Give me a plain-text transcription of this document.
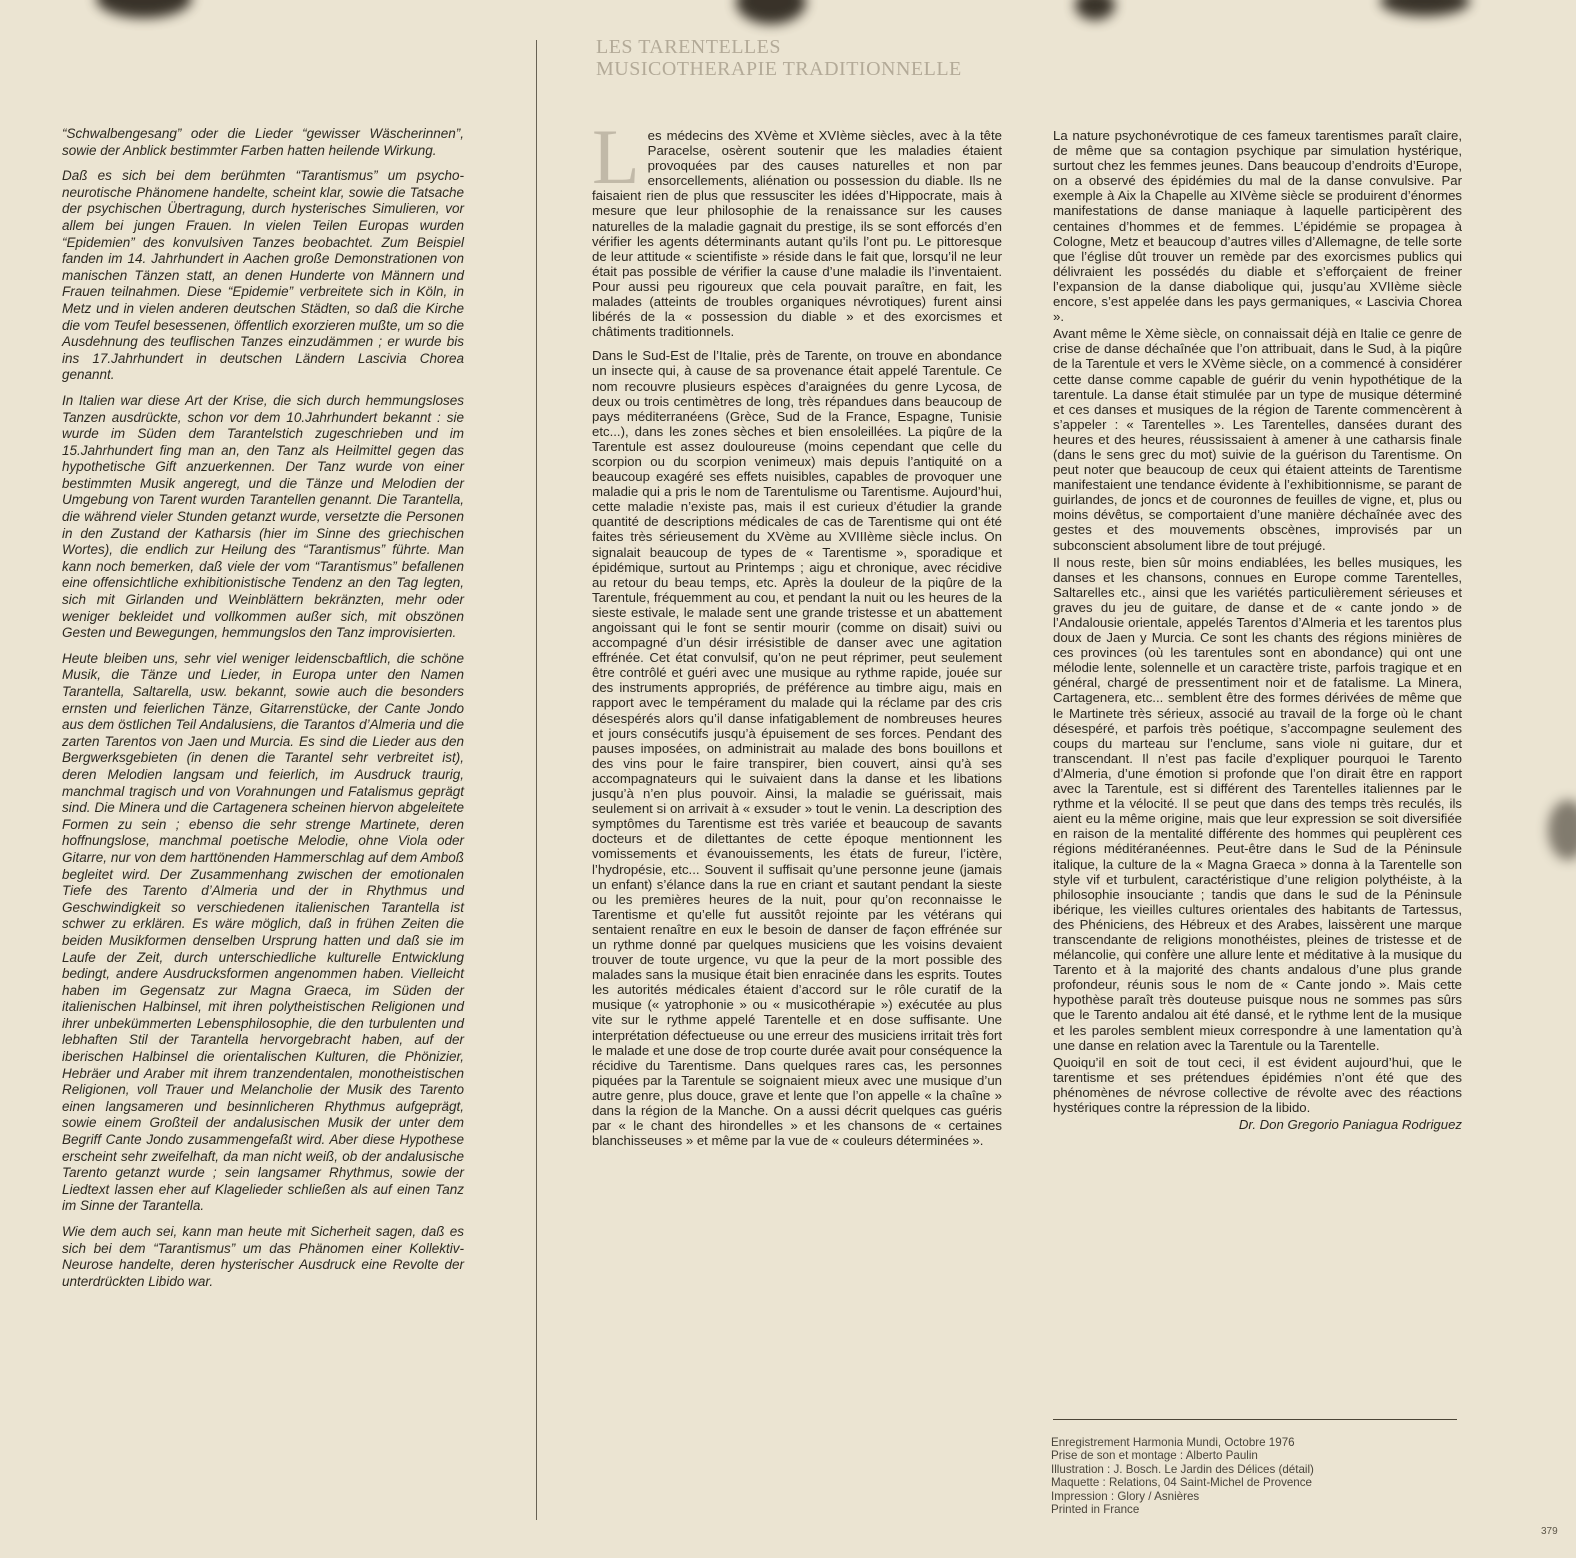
“Schwalbengesang” oder die Lieder “gewisser Wäscherinnen”, sowie der Anblick bestimmter Farben hatten heilende Wirkung.

Daß es sich bei dem berühmten “Tarantismus” um psycho-neurotische Phänomene handelte, scheint klar, sowie die Tatsache der psychischen Übertragung, durch hysterisches Simulieren, vor allem bei jungen Frauen. In vielen Teilen Europas wurden “Epidemien” des konvulsiven Tanzes beobachtet. Zum Beispiel fanden im 14. Jahrhundert in Aachen große Demonstrationen von manischen Tänzen statt, an denen Hunderte von Männern und Frauen teilnahmen. Diese “Epidemie” verbreitete sich in Köln, in Metz und in vielen anderen deutschen Städten, so daß die Kirche die vom Teufel besessenen, öffentlich exorzieren mußte, um so die Ausdehnung des teuflischen Tanzes einzudämmen ; er wurde bis ins 17.Jahrhundert in deutschen Ländern Lascivia Chorea genannt.

In Italien war diese Art der Krise, die sich durch hemmungsloses Tanzen ausdrückte, schon vor dem 10.Jahrhundert bekannt : sie wurde im Süden dem Tarantelstich zugeschrieben und im 15.Jahrhundert fing man an, den Tanz als Heilmittel gegen das hypothetische Gift anzuerkennen. Der Tanz wurde von einer bestimmten Musik angeregt, und die Tänze und Melodien der Umgebung von Tarent wurden Tarantellen genannt. Die Tarantella, die während vieler Stunden getanzt wurde, versetzte die Personen in den Zustand der Katharsis (hier im Sinne des griechischen Wortes), die endlich zur Heilung des “Tarantismus” führte. Man kann noch bemerken, daß viele der vom “Tarantismus” befallenen eine offensichtliche exhibitionistische Tendenz an den Tag legten, sich mit Girlanden und Weinblättern bekränzten, mehr oder weniger bekleidet und vollkommen außer sich, mit obszönen Gesten und Bewegungen, hemmungslos den Tanz improvisierten.

Heute bleiben uns, sehr viel weniger leidenscbaftlich, die schöne Musik, die Tänze und Lieder, in Europa unter den Namen Tarantella, Saltarella, usw. bekannt, sowie auch die besonders ernsten und feierlichen Tänze, Gitarrenstücke, der Cante Jondo aus dem östlichen Teil Andalusiens, die Tarantos d’Almeria und die zarten Tarentos von Jaen und Murcia. Es sind die Lieder aus den Bergwerksgebieten (in denen die Tarantel sehr verbreitet ist), deren Melodien langsam und feierlich, im Ausdruck traurig, manchmal tragisch und von Vorahnungen und Fatalismus geprägt sind. Die Minera und die Cartagenera scheinen hiervon abgeleitete Formen zu sein ; ebenso die sehr strenge Martinete, deren hoffnungslose, manchmal poetische Melodie, ohne Viola oder Gitarre, nur von dem harttönenden Hammerschlag auf dem Amboß begleitet wird. Der Zusammenhang zwischen der emotionalen Tiefe des Tarento d’Almeria und der in Rhythmus und Geschwindigkeit so verschiedenen italienischen Tarantella ist schwer zu erklären. Es wäre möglich, daß in frühen Zeiten die beiden Musikformen denselben Ursprung hatten und daß sie im Laufe der Zeit, durch unterschiedliche kulturelle Entwicklung bedingt, andere Ausdrucksformen angenommen haben. Vielleicht haben im Gegensatz zur Magna Graeca, im Süden der italienischen Halbinsel, mit ihren polytheistischen Religionen und ihrer unbekümmerten Lebensphilosophie, die den turbulenten und lebhaften Stil der Tarantella hervorgebracht haben, auf der iberischen Halbinsel die orientalischen Kulturen, die Phönizier, Hebräer und Araber mit ihrem tranzendentalen, monotheistischen Religionen, voll Trauer und Melancholie der Musik des Tarento einen langsameren und besinnlicheren Rhythmus aufgeprägt, sowie einem Großteil der andalusischen Musik der unter dem Begriff Cante Jondo zusammengefaßt wird. Aber diese Hypothese erscheint sehr zweifelhaft, da man nicht weiß, ob der andalusische Tarento getanzt wurde ; sein langsamer Rhythmus, sowie der Liedtext lassen eher auf Klagelieder schließen als auf einen Tanz im Sinne der Tarantella.

Wie dem auch sei, kann man heute mit Sicherheit sagen, daß es sich bei dem “Tarantismus” um das Phänomen einer Kollektiv-Neurose handelte, deren hysterischer Ausdruck eine Revolte der unterdrückten Libido war.

LES TARENTELLES
MUSICOTHERAPIE TRADITIONNELLE

Les médecins des XVème et XVIème siècles, avec à la tête Paracelse, osèrent soutenir que les maladies étaient provoquées par des causes naturelles et non par ensorcellements, aliénation ou possession du diable. Ils ne faisaient rien de plus que ressusciter les idées d’Hippocrate, mais à mesure que leur philosophie de la renaissance sur les causes naturelles de la maladie gagnait du prestige, ils se sont efforcés d’en vérifier les agents déterminants autant qu’ils l’ont pu. Le pittoresque de leur attitude « scientifiste » réside dans le fait que, lorsqu’il ne leur était pas possible de vérifier la cause d’une maladie ils l’inventaient. Pour aussi peu rigoureux que cela pouvait paraître, en fait, les malades (atteints de troubles organiques névrotiques) furent ainsi libérés de la « possession du diable » et des exorcismes et châtiments traditionnels.

Dans le Sud-Est de l’Italie, près de Tarente, on trouve en abondance un insecte qui, à cause de sa provenance était appelé Tarentule. Ce nom recouvre plusieurs espèces d’araignées du genre Lycosa, de deux ou trois centimètres de long, très répandues dans beaucoup de pays méditerranéens (Grèce, Sud de la France, Espagne, Tunisie etc...), dans les zones sèches et bien ensoleillées. La piqûre de la Tarentule est assez douloureuse (moins cependant que celle du scorpion ou du scorpion venimeux) mais depuis l’antiquité on a beaucoup exagéré ses effets nuisibles, capables de provoquer une maladie qui a pris le nom de Tarentulisme ou Tarentisme. Aujourd’hui, cette maladie n’existe pas, mais il est curieux d’étudier la grande quantité de descriptions médicales de cas de Tarentisme qui ont été faites très sérieusement du XVème au XVIIIème siècle inclus. On signalait beaucoup de types de « Tarentisme », sporadique et épidémique, surtout au Printemps ; aigu et chronique, avec récidive au retour du beau temps, etc. Après la douleur de la piqûre de la Tarentule, fréquemment au cou, et pendant la nuit ou les heures de la sieste estivale, le malade sent une grande tristesse et un abattement angoissant qui le font se sentir mourir (comme on disait) suivi ou accompagné d’un désir irrésistible de danser avec une agitation effrénée. Cet état convulsif, qu’on ne peut réprimer, peut seulement être contrôlé et guéri avec une musique au rythme rapide, jouée sur des instruments appropriés, de préférence au timbre aigu, mais en rapport avec le tempérament du malade qui la réclame par des cris désespérés alors qu’il danse infatigablement de nombreuses heures et jours consécutifs jusqu’à épuisement de ses forces. Pendant des pauses imposées, on administrait au malade des bons bouillons et des vins pour le faire transpirer, bien couvert, ainsi qu’à ses accompagnateurs qui le suivaient dans la danse et les libations jusqu’à n’en plus pouvoir. Ainsi, la maladie se guérissait, mais seulement si on arrivait à « exsuder » tout le venin. La description des symptômes du Tarentisme est très variée et beaucoup de savants docteurs et de dilettantes de cette époque mentionnent les vomissements et évanouissements, les états de fureur, l’ictère, l’hydropésie, etc... Souvent il suffisait qu’une personne jeune (jamais un enfant) s’élance dans la rue en criant et sautant pendant la sieste ou les premières heures de la nuit, pour qu’on reconnaisse le Tarentisme et qu’elle fut aussitôt rejointe par les vétérans qui sentaient renaître en eux le besoin de danser de façon effrénée sur un rythme donné par quelques musiciens que les voisins devaient trouver de toute urgence, vu que la peur de la mort possible des malades sans la musique était bien enracinée dans les esprits. Toutes les autorités médicales étaient d’accord sur le rôle curatif de la musique (« yatrophonie » ou « musicothérapie ») exécutée au plus vite sur le rythme appelé Tarentelle et en dose suffisante. Une interprétation défectueuse ou une erreur des musiciens irritait très fort le malade et une dose de trop courte durée avait pour conséquence la récidive du Tarentisme. Dans quelques rares cas, les personnes piquées par la Tarentule se soignaient mieux avec une musique d’un autre genre, plus douce, grave et lente que l’on appelle « la chaîne » dans la région de la Manche. On a aussi décrit quelques cas guéris par « le chant des hirondelles » et les chansons de « certaines blanchisseuses » et même par la vue de « couleurs déterminées ».

La nature psychonévrotique de ces fameux tarentismes paraît claire, de même que sa contagion psychique par simulation hystérique, surtout chez les femmes jeunes. Dans beaucoup d’endroits d’Europe, on a observé des épidémies du mal de la danse convulsive. Par exemple à Aix la Chapelle au XIVème siècle se produirent d’énormes manifestations de danse maniaque à laquelle participèrent des centaines d’hommes et de femmes. L’épidémie se propagea à Cologne, Metz et beaucoup d’autres villes d’Allemagne, de telle sorte que l’église dût trouver un remède par des exorcismes publics qui délivraient les possédés du diable et s’efforçaient de freiner l’expansion de la danse diabolique qui, jusqu’au XVIIème siècle encore, s’est appelée dans les pays germaniques, « Lascivia Chorea ».

Avant même le Xème siècle, on connaissait déjà en Italie ce genre de crise de danse déchaînée que l’on attribuait, dans le Sud, à la piqûre de la Tarentule et vers le XVème siècle, on a commencé à considérer cette danse comme capable de guérir du venin hypothétique de la tarentule. La danse était stimulée par un type de musique déterminé et ces danses et musiques de la région de Tarente commencèrent à s’appeler : « Tarentelles ». Les Tarentelles, dansées durant des heures et des heures, réussissaient à amener à une catharsis finale (dans le sens grec du mot) suivie de la guérison du Tarentisme. On peut noter que beaucoup de ceux qui étaient atteints de Tarentisme manifestaient une tendance évidente à l’exhibitionnisme, se parant de guirlandes, de joncs et de couronnes de feuilles de vigne, et, plus ou moins dévêtus, se comportaient d’une manière déchaînée avec des gestes et des mouvements obscènes, improvisés par un subconscient absolument libre de tout préjugé.

Il nous reste, bien sûr moins endiablées, les belles musiques, les danses et les chansons, connues en Europe comme Tarentelles, Saltarelles etc., ainsi que les variétés particulièrement sérieuses et graves du jeu de guitare, de danse et de « cante jondo » de l’Andalousie orientale, appelés Tarentos d’Almeria et les tarentos plus doux de Jaen y Murcia. Ce sont les chants des régions minières de ces provinces (où les tarentules sont en abondance) qui ont une mélodie lente, solennelle et un caractère triste, parfois tragique et en général, chargé de pressentiment noir et de fatalisme. La Minera, Cartagenera, etc... semblent être des formes dérivées de même que le Martinete très sérieux, associé au travail de la forge où le chant désespéré, et parfois très poétique, s’accompagne seulement des coups du marteau sur l’enclume, sans viole ni guitare, dur et transcendant. Il n’est pas facile d’expliquer pourquoi le Tarento d’Almeria, d’une émotion si profonde que l’on dirait être en rapport avec la Tarentule, est si différent des Tarentelles italiennes par le rythme et la vélocité. Il se peut que dans des temps très reculés, ils aient eu la même origine, mais que leur expression se soit diversifiée en raison de la mentalité différente des hommes qui peuplèrent ces régions méditéranéennes. Peut-être dans le Sud de la Péninsule italique, la culture de la « Magna Graeca » donna à la Tarentelle son style vif et turbulent, caractéristique d’une religion polythéiste, à la philosophie insouciante ; tandis que dans le sud de la Péninsule ibérique, les vieilles cultures orientales des habitants de Tartessus, des Phéniciens, des Hébreux et des Arabes, laissèrent une marque transcendante de religions monothéistes, pleines de tristesse et de mélancolie, qui confère une allure lente et méditative à la musique du Tarento et à la majorité des chants andalous d’une plus grande profondeur, réunis sous le nom de « Cante jondo ». Mais cette hypothèse paraît très douteuse puisque nous ne sommes pas sûrs que le Tarento andalou ait été dansé, et le rythme lent de la musique et les paroles semblent mieux correspondre à une lamentation qu’à une danse en relation avec la Tarentule ou la Tarentelle.

Quoiqu’il en soit de tout ceci, il est évident aujourd’hui, que le tarentisme et ses prétendues épidémies n’ont été que des phénomènes de névrose collective de révolte avec des réactions hystériques contre la répression de la libido.

Dr. Don Gregorio Paniagua Rodriguez
Enregistrement Harmonia Mundi, Octobre 1976
Prise de son et montage : Alberto Paulin
Illustration : J. Bosch. Le Jardin des Délices (détail)
Maquette : Relations, 04 Saint-Michel de Provence
Impression : Glory / Asnières
Printed in France
379
